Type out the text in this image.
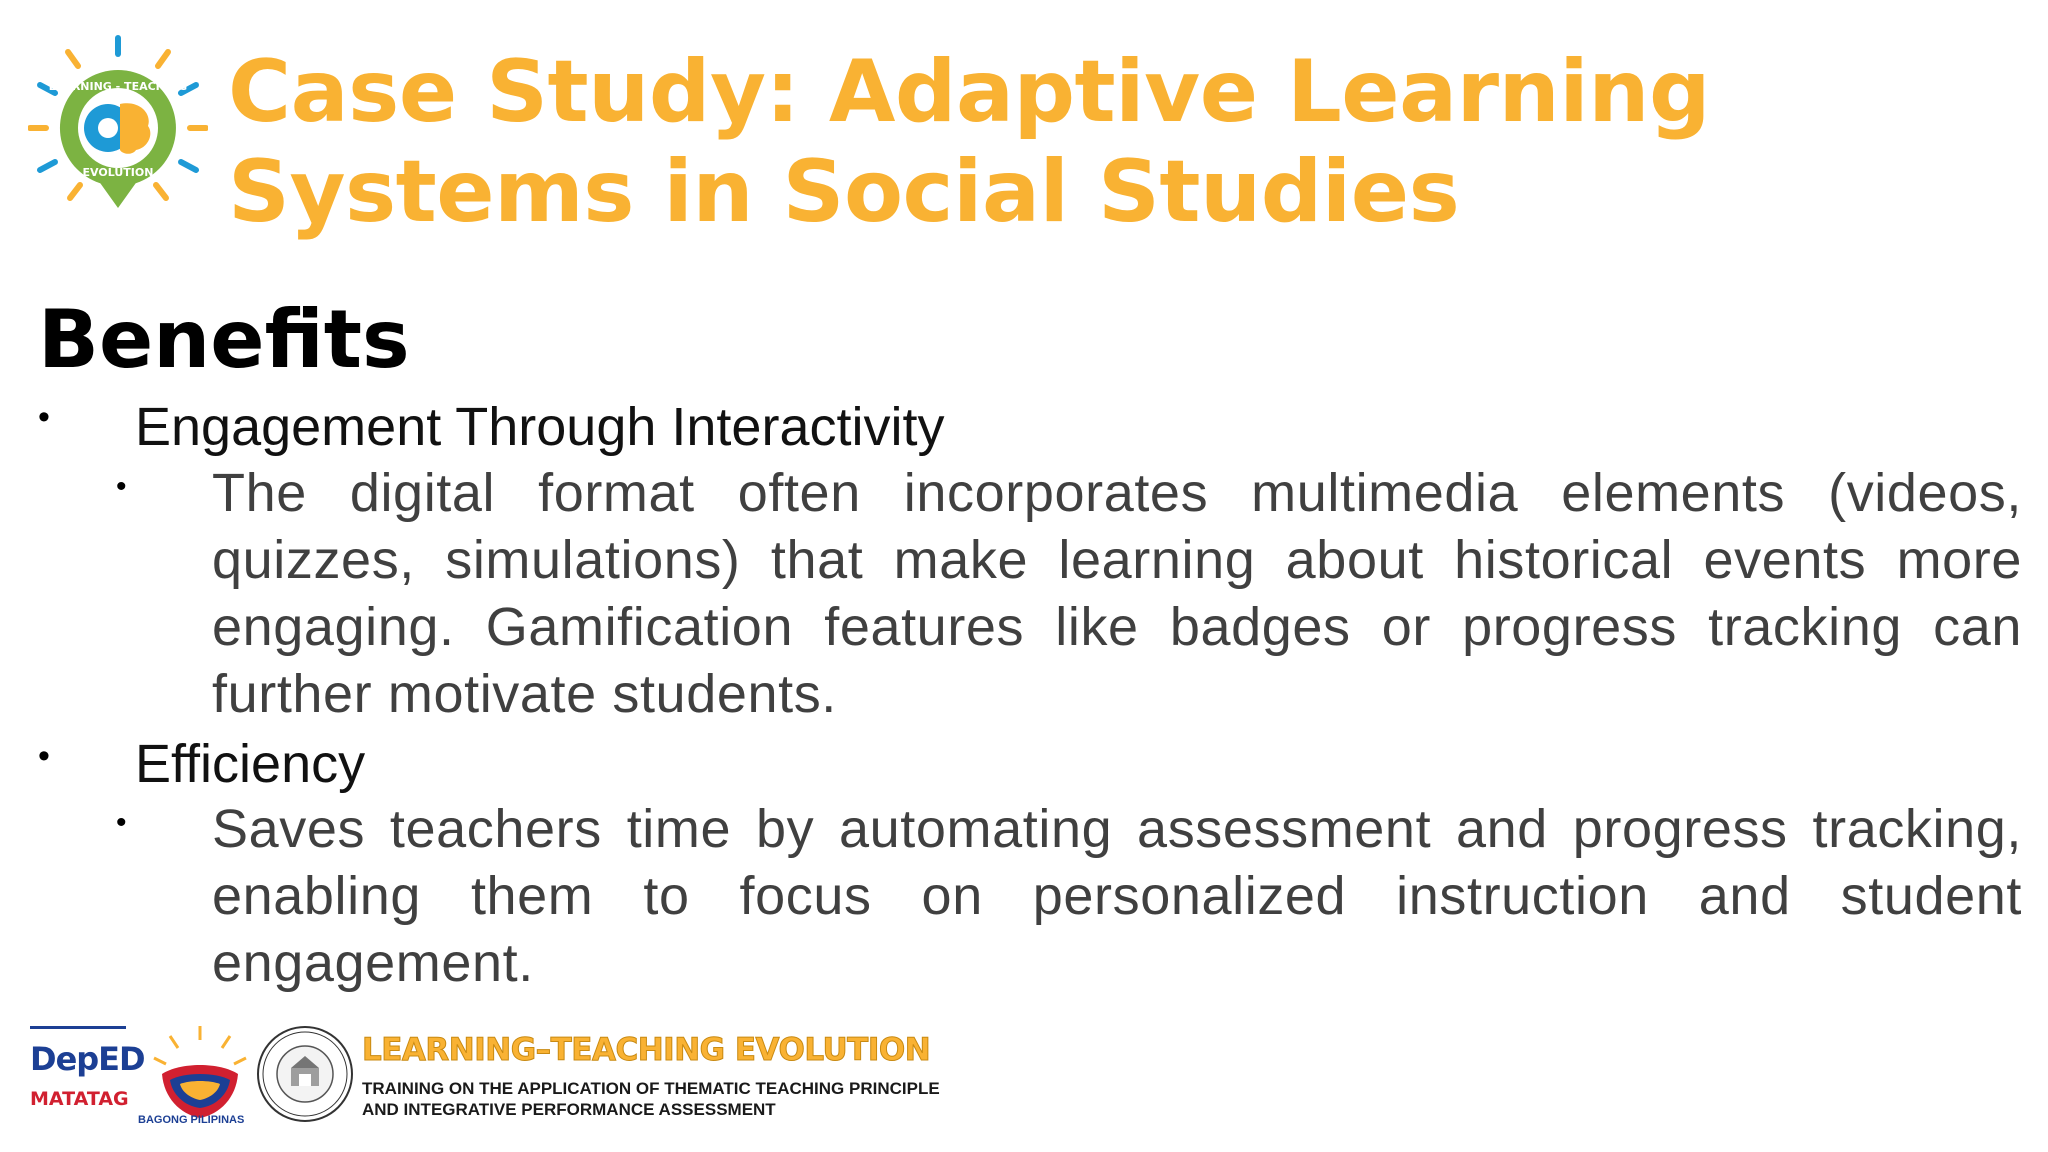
LEARNING - TEACHING
EVOLUTION
Case Study: Adaptive Learning
Systems in Social Studies
Benefits
•	Engagement Through Interactivity
• The digital format often incorporates multimedia elements (videos, quizzes, simulations) that make learning about historical events more engaging. Gamification features like badges or progress tracking can further motivate students.
•	Efficiency
• Saves teachers time by automating assessment and progress tracking, enabling them to focus on personalized instruction and student engagement.
DepED
MATATAG
BAGONG PILIPINAS
LEARNING–TEACHING EVOLUTION
TRAINING ON THE APPLICATION OF THEMATIC TEACHING PRINCIPLE
AND INTEGRATIVE PERFORMANCE ASSESSMENT
